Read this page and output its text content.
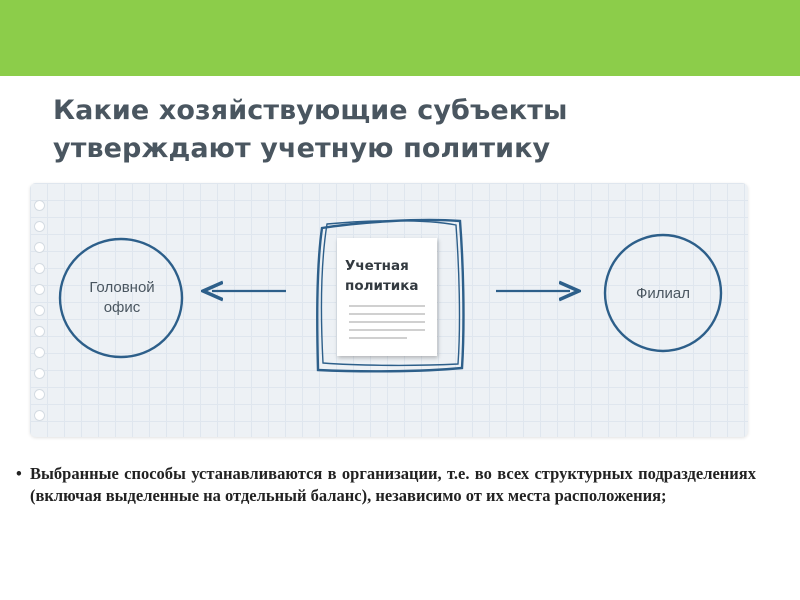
Какие хозяйствующие субъекты утверждают учетную политику

Учетная политика

Головной офис

Филиал

• Выбранные способы устанавливаются в организации, т.е. во всех структурных подразделениях (включая выделенные на отдельный баланс), независимо от их места расположения;
